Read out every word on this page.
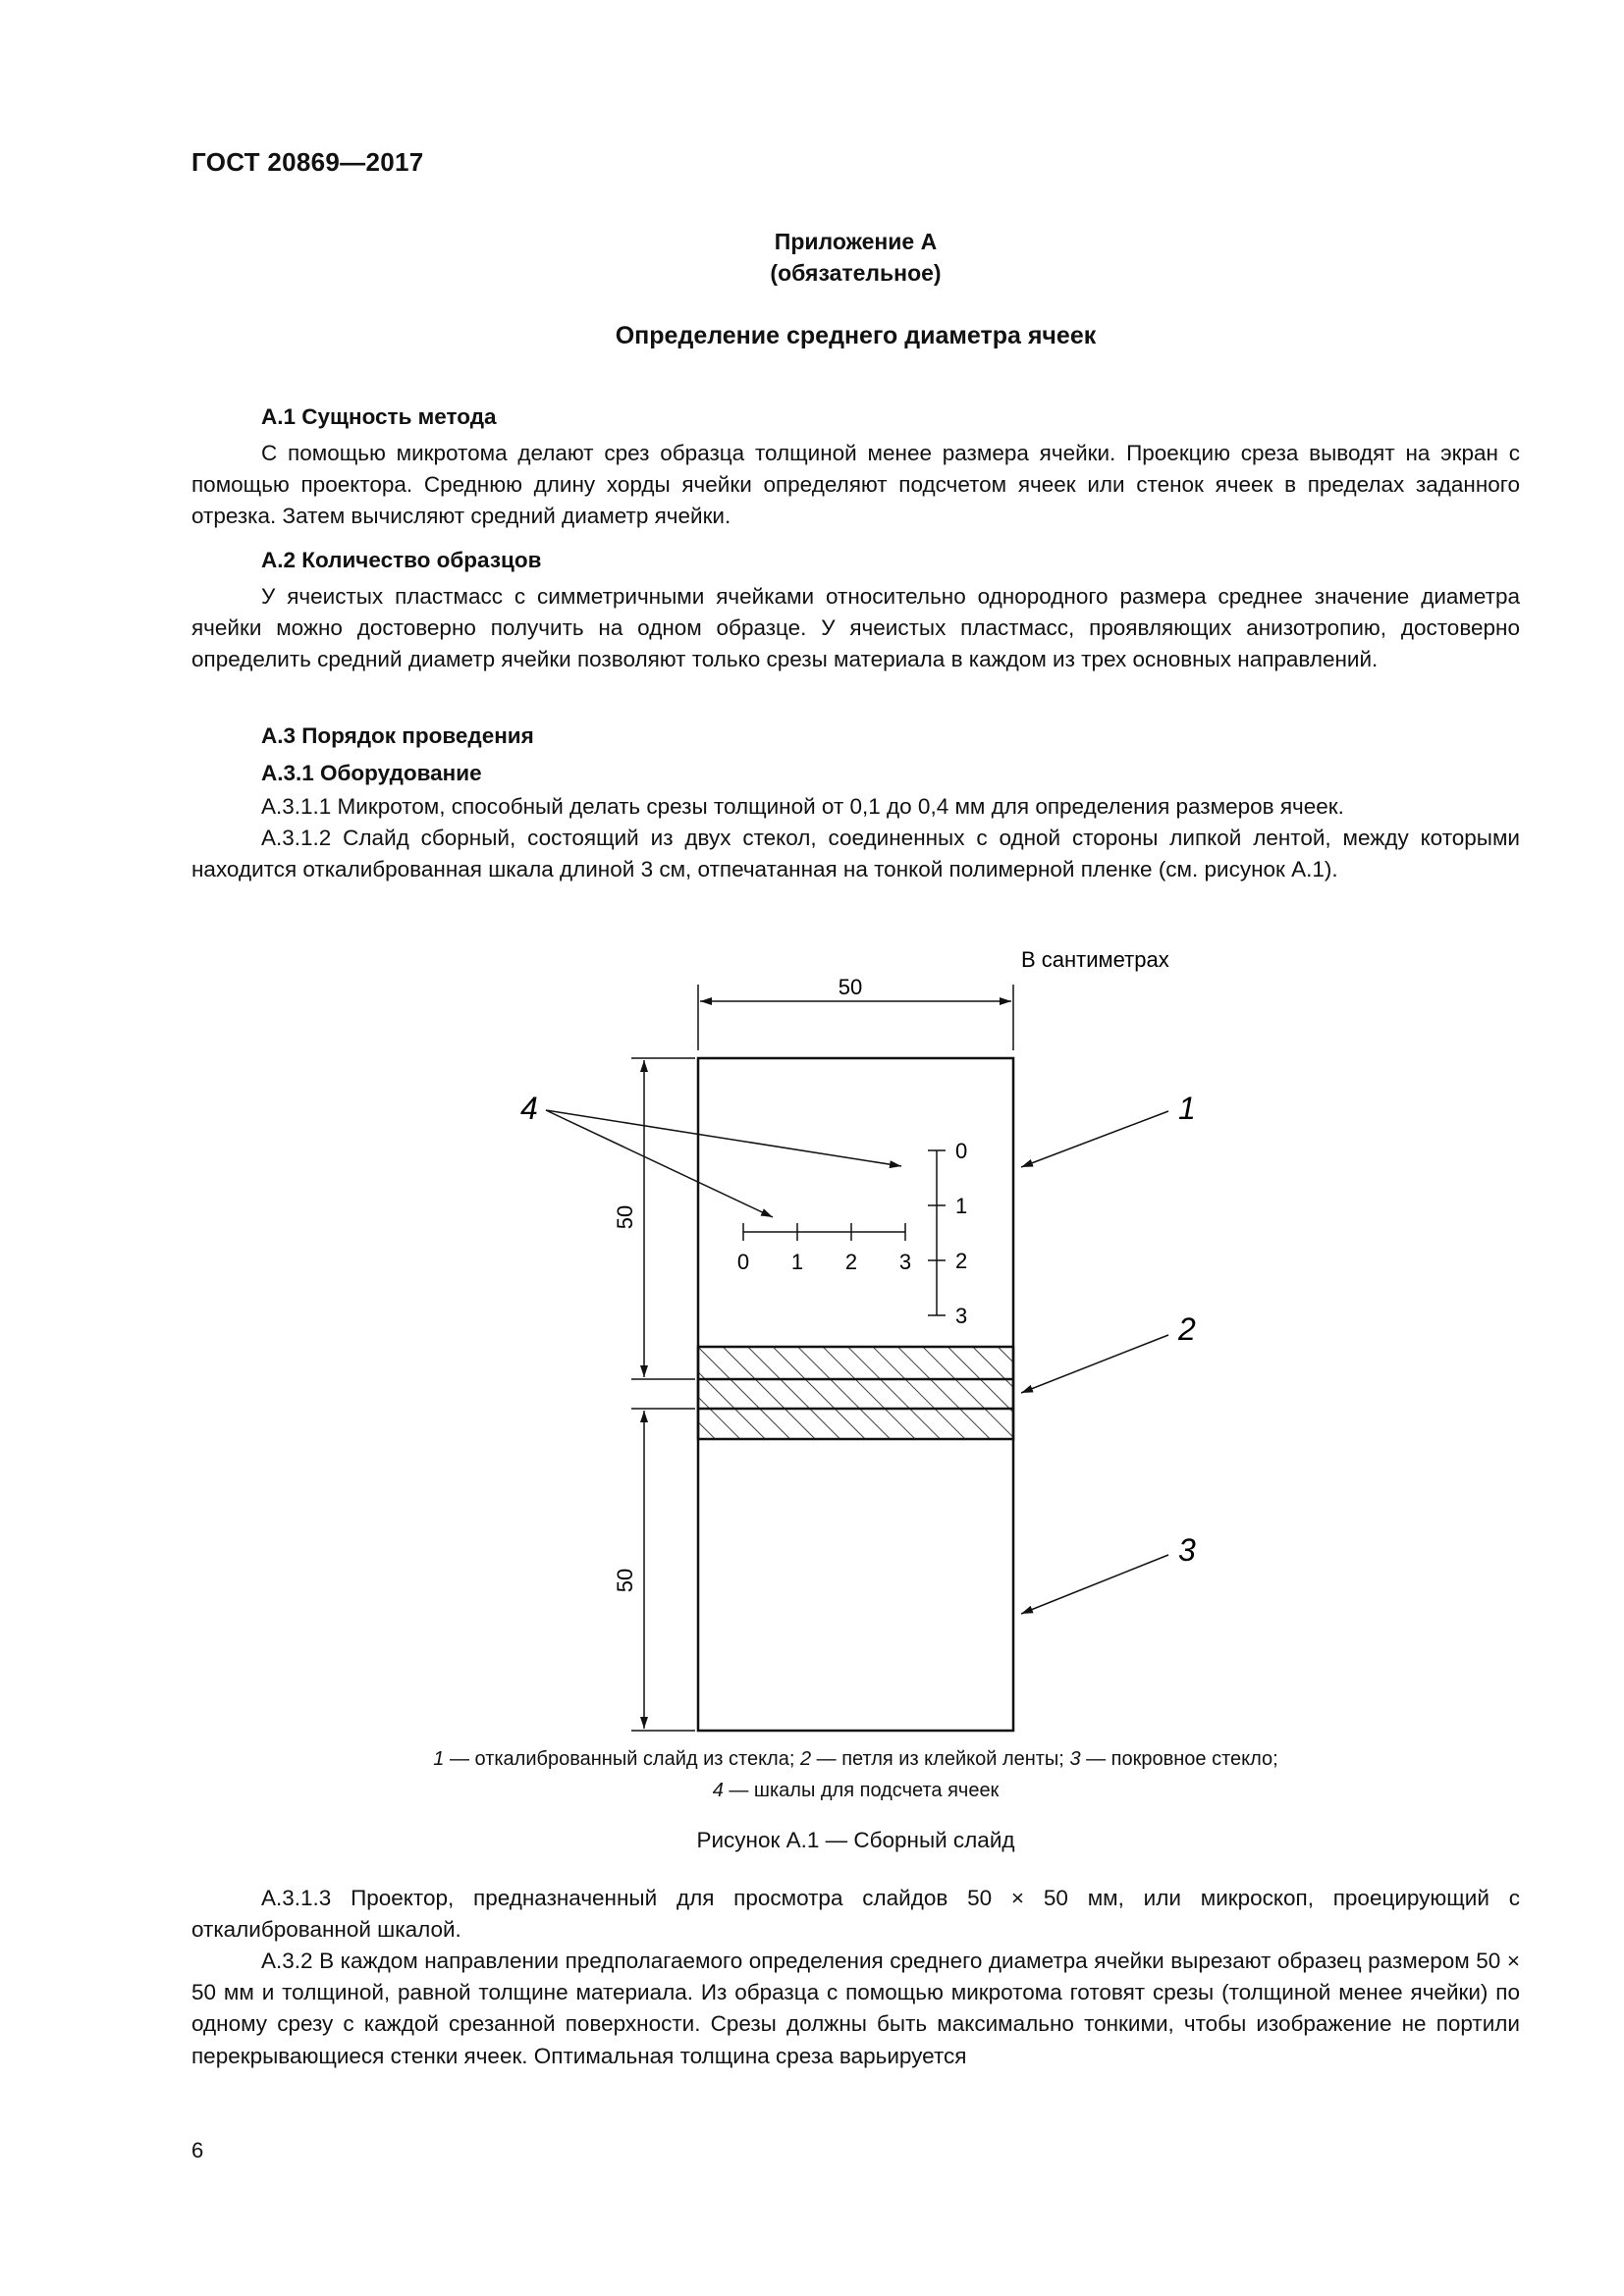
ГОСТ 20869—2017
Приложение А
(обязательное)
Определение среднего диаметра ячеек
А.1 Сущность метода

С помощью микротома делают срез образца толщиной менее размера ячейки. Проекцию среза выводят на экран с помощью проектора. Среднюю длину хорды ячейки определяют подсчетом ячеек или стенок ячеек в пределах заданного отрезка. Затем вычисляют средний диаметр ячейки.

А.2 Количество образцов

У ячеистых пластмасс с симметричными ячейками относительно однородного размера среднее значение диаметра ячейки можно достоверно получить на одном образце. У ячеистых пластмасс, проявляющих анизотропию, достоверно определить средний диаметр ячейки позволяют только срезы материала в каждом из трех основных направлений.

А.3 Порядок проведения
А.3.1 Оборудование

А.3.1.1 Микротом, способный делать срезы толщиной от 0,1 до 0,4 мм для определения размеров ячеек.

А.3.1.2 Слайд сборный, состоящий из двух стекол, соединенных с одной стороны липкой лентой, между которыми находится откалиброванная шкала длиной 3 см, отпечатанная на тонкой полимерной пленке (см. рисунок А.1).

В сантиметрах
50
50
50
0 1 2 3
0
1
2
3
4	1
2
3
1 — откалиброванный слайд из стекла; 2 — петля из клейкой ленты; 3 — покровное стекло;
4 — шкалы для подсчета ячеек
Рисунок А.1 — Сборный слайд

А.3.1.3 Проектор, предназначенный для просмотра слайдов 50 × 50 мм, или микроскоп, проецирующий с откалиброванной шкалой.

А.3.2 В каждом направлении предполагаемого определения среднего диаметра ячейки вырезают образец размером 50 × 50 мм и толщиной, равной толщине материала. Из образца с помощью микротома готовят срезы (толщиной менее ячейки) по одному срезу с каждой срезанной поверхности. Срезы должны быть максимально тонкими, чтобы изображение не портили перекрывающиеся стенки ячеек. Оптимальная толщина среза варьируется

6
